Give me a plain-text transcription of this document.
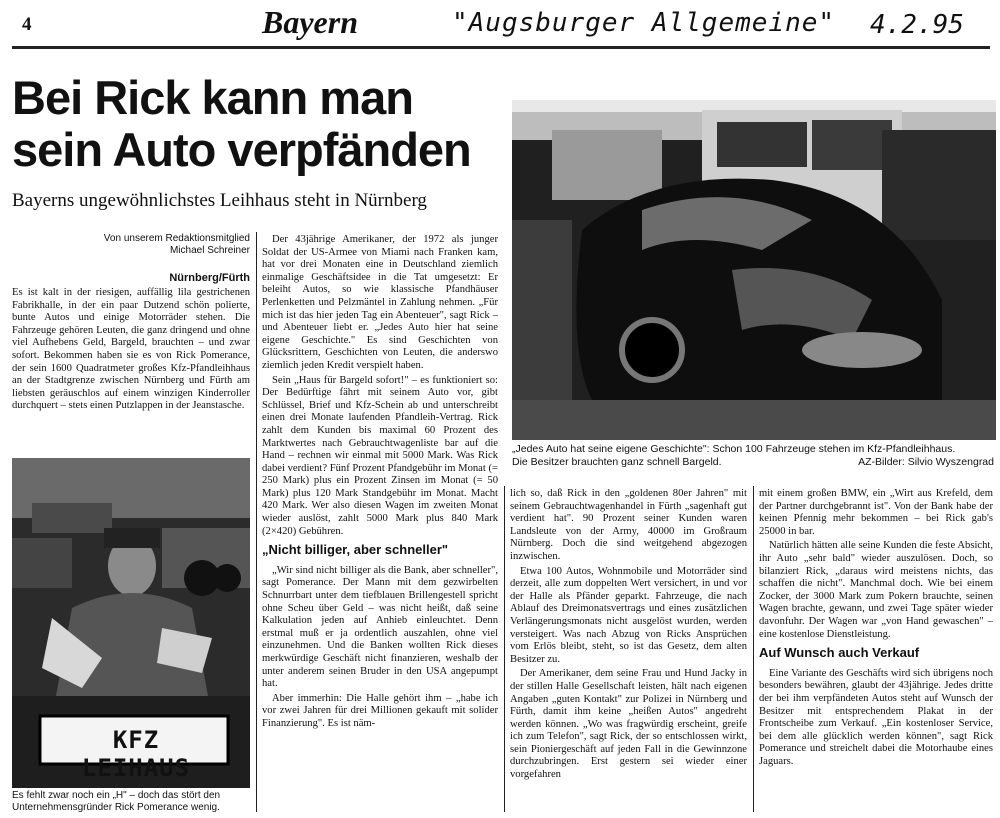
4	Bayern	"Augsburger Allgemeine" 4.2.95
Bei Rick kann man
sein Auto verpfänden
Bayerns ungewöhnlichstes Leihhaus steht in Nürnberg
Von unserem Redaktionsmitglied
Michael Schreiner
Nürnberg/Fürth

Es ist kalt in der riesigen, auffällig lila gestrichenen Fabrikhalle, in der ein paar Dutzend schön polierte, bunte Autos und einige Motorräder stehen. Die Fahrzeuge gehören Leuten, die ganz dringend und ohne viel Aufhebens Geld, Bargeld, brauchten – und zwar sofort. Bekommen haben sie es von Rick Pomerance, der sein 1600 Quadratmeter großes Kfz-Pfandleihhaus an der Stadtgrenze zwischen Nürnberg und Fürth am liebsten geräuschlos auf einem winzigen Kinderroller durchquert – stets einen Putzlappen in der Jeanstasche.

KFZ LEIHAUS
Es fehlt zwar noch ein „H" – doch das stört den Unternehmensgründer Rick Pomerance wenig.

Der 43jährige Amerikaner, der 1972 als junger Soldat der US-Armee von Miami nach Franken kam, hat vor drei Monaten eine in Deutschland ziemlich einmalige Geschäftsidee in die Tat umgesetzt: Er beleiht Autos, so wie klassische Pfandhäuser Perlenketten und Pelzmäntel in Zahlung nehmen. „Für mich ist das hier jeden Tag ein Abenteuer", sagt Rick – und Abenteuer liebt er. „Jedes Auto hier hat seine eigene Geschichte." Es sind Geschichten von Glücksrittern, Geschichten von Leuten, die anderswo ziemlich jeden Kredit verspielt haben.

Sein „Haus für Bargeld sofort!" – es funktioniert so: Der Bedürftige fährt mit seinem Auto vor, gibt Schlüssel, Brief und Kfz-Schein ab und unterschreibt einen drei Monate laufenden Pfandleih-Vertrag. Rick zahlt dem Kunden bis maximal 60 Prozent des Marktwertes nach Gebrauchtwagenliste bar auf die Hand – rechnen wir einmal mit 5000 Mark. Was Rick dabei verdient? Fünf Prozent Pfandgebühr im Monat (= 250 Mark) plus ein Prozent Zinsen im Monat (= 50 Mark) plus 120 Mark Standgebühr im Monat. Macht 420 Mark. Wer also diesen Wagen im zweiten Monat wieder auslöst, zahlt 5000 Mark plus 840 Mark (2×420) Gebühren.

„Nicht billiger, aber schneller"

„Wir sind nicht billiger als die Bank, aber schneller", sagt Pomerance. Der Mann mit dem gezwirbelten Schnurrbart unter dem tiefblauen Brillengestell spricht ohne Scheu über Geld – was nicht heißt, daß seine Kalkulation jeden auf Anhieb einleuchtet. Denn erstmal muß er ja ordentlich auszahlen, ohne viel einzunehmen. Und die Banken wollten Rick dieses merkwürdige Geschäft nicht finanzieren, weshalb der unter anderem seinen Bruder in den USA angepumpt hat.

Aber immerhin: Die Halle gehört ihm – „habe ich vor zwei Jahren für drei Millionen gekauft mit solider Finanzierung". Es ist näm-

„Jedes Auto hat seine eigene Geschichte": Schon 100 Fahrzeuge stehen im Kfz-Pfandleihhaus.
Die Besitzer brauchten ganz schnell Bargeld.	AZ-Bilder: Silvio Wyszengrad

lich so, daß Rick in den „goldenen 80er Jahren" mit seinem Gebrauchtwagenhandel in Fürth „sagenhaft gut verdient hat". 90 Prozent seiner Kunden waren Landsleute von der Army, 40000 im Großraum Nürnberg. Doch die sind weitgehend abgezogen inzwischen.

Etwa 100 Autos, Wohnmobile und Motorräder sind derzeit, alle zum doppelten Wert versichert, in und vor der Halle als Pfänder geparkt. Fahrzeuge, die nach Ablauf des Dreimonatsvertrags und eines zusätzlichen Verlängerungsmonats nicht ausgelöst wurden, werden versteigert. Was nach Abzug von Ricks Ansprüchen vom Erlös bleibt, steht, so ist das Gesetz, dem alten Besitzer zu.

Der Amerikaner, dem seine Frau und Hund Jacky in der stillen Halle Gesellschaft leisten, hält nach eigenen Angaben „guten Kontakt" zur Polizei in Nürnberg und Fürth, damit ihm keine „heißen Autos" angedreht werden können. „Wo was fragwürdig erscheint, greife ich zum Telefon", sagt Rick, der so entschlossen wirkt, sein Pioniergeschäft auf jeden Fall in die Gewinnzone durchzubringen. Erst gestern sei wieder einer vorgefahren

mit einem großen BMW, ein „Wirt aus Krefeld, dem der Partner durchgebrannt ist". Von der Bank habe der keinen Pfennig mehr bekommen – bei Rick gab's 25000 in bar.

Natürlich hätten alle seine Kunden die feste Absicht, ihr Auto „sehr bald" wieder auszulösen. Doch, so bilanziert Rick, „daraus wird meistens nichts, das schaffen die nicht". Manchmal doch. Wie bei einem Zocker, der 3000 Mark zum Pokern brauchte, seinen Wagen brachte, gewann, und zwei Tage später wieder davonfuhr. Der Wagen war „von Hand gewaschen" – eine kostenlose Dienstleistung.

Auf Wunsch auch Verkauf

Eine Variante des Geschäfts wird sich übrigens noch besonders bewähren, glaubt der 43jährige. Jedes dritte der bei ihm verpfändeten Autos steht auf Wunsch der Besitzer mit entsprechendem Plakat in der Frontscheibe zum Verkauf. „Ein kostenloser Service, bei dem alle glücklich werden können", sagt Rick Pomerance und streichelt dabei die Motorhaube eines Jaguars.
